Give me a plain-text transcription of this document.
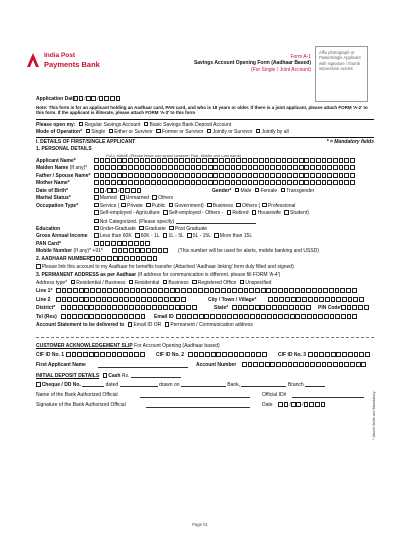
India Post
Payments Bank
Form A-1
Savings Account Opening Form (Aadhaar Based)
(For Single / Joint Account)
Affix photograph or Paste/Single Applicant with signature / thumb impression across
Application Date	/ /
Note: This form is for an applicant holding an Aadhaar card, PAN card, and who is 18 years or older. If there is a joint applicant, please attach FORM 'A-2' to this form. If the applicant is illiterate, please attach FORM 'A-3' to this form
Please open my: Regular Savings Account Basic Savings Bank Deposit Account
Mode of Operation* Single Either or Survivor Former or Survivor Jointly or Survivor Jointly by all
I. DETAILS OF FIRST/SINGLE APPLICANT	* = Mandatory fields
1. PERSONAL DETAILS
FULL NAME (Please leave one space between First, Middle and Last name)
Applicant Name*
Maiden Name (If any)*
Father / Spouse Name*
Mother Name*
Date of Birth*	/ /	Gender* Male Female Transgender
Marital Status*	Married Unmarried Others
Occupation Type*	Service ( Private Public Government) Business Others ( Professional
Self-employed - Agriculture Self-employed - Others - Retired Housewife Student)
Not Categorized. (Please specify)
Education	Under-Graduate Graduate Post Graduate
Gross Annual Income	Less than 60K 60K - 1L 1L - 5L 5L - 15L More than 15L
PAN Card*
Mobile Number (If any)* +91*	(This number will be used for alerts, mobile banking and USSD)
2. AADHAAR NUMBER*
Please link this account to my Aadhaar for benefits transfer (Attached 'Aadhaar linking' form duly filled and signed)
3. PERMANENT ADDRESS as per Aadhaar (If address for communication is different, please fill FORM 'A-4')
Address type* Residential / Business Residential Business Registered Office Unspecified
Line 1*
Line 2	City / Town / Village*
District*	State*	PIN Code*
Tel (Res)	Email ID
Account Statement to be delivered to Email ID OR Permanent / Communication address
CUSTOMER ACKNOWLEDGEMENT SLIP For Account Opening (Aadhaar based)
CIF ID No. 1	CIF ID No. 2	CIF ID No. 3
First Applicant Name	Account Number
INITIAL DEPOSIT DETAILS Cash Rs.
Cheque / DD No.	dated	drawn on	Bank,	Branch
Name of the Bank Authorized Official	Official ID#
Signature of the Bank Authorized Official	Date	/ /	* Above fields are Mandatory
Page 01
